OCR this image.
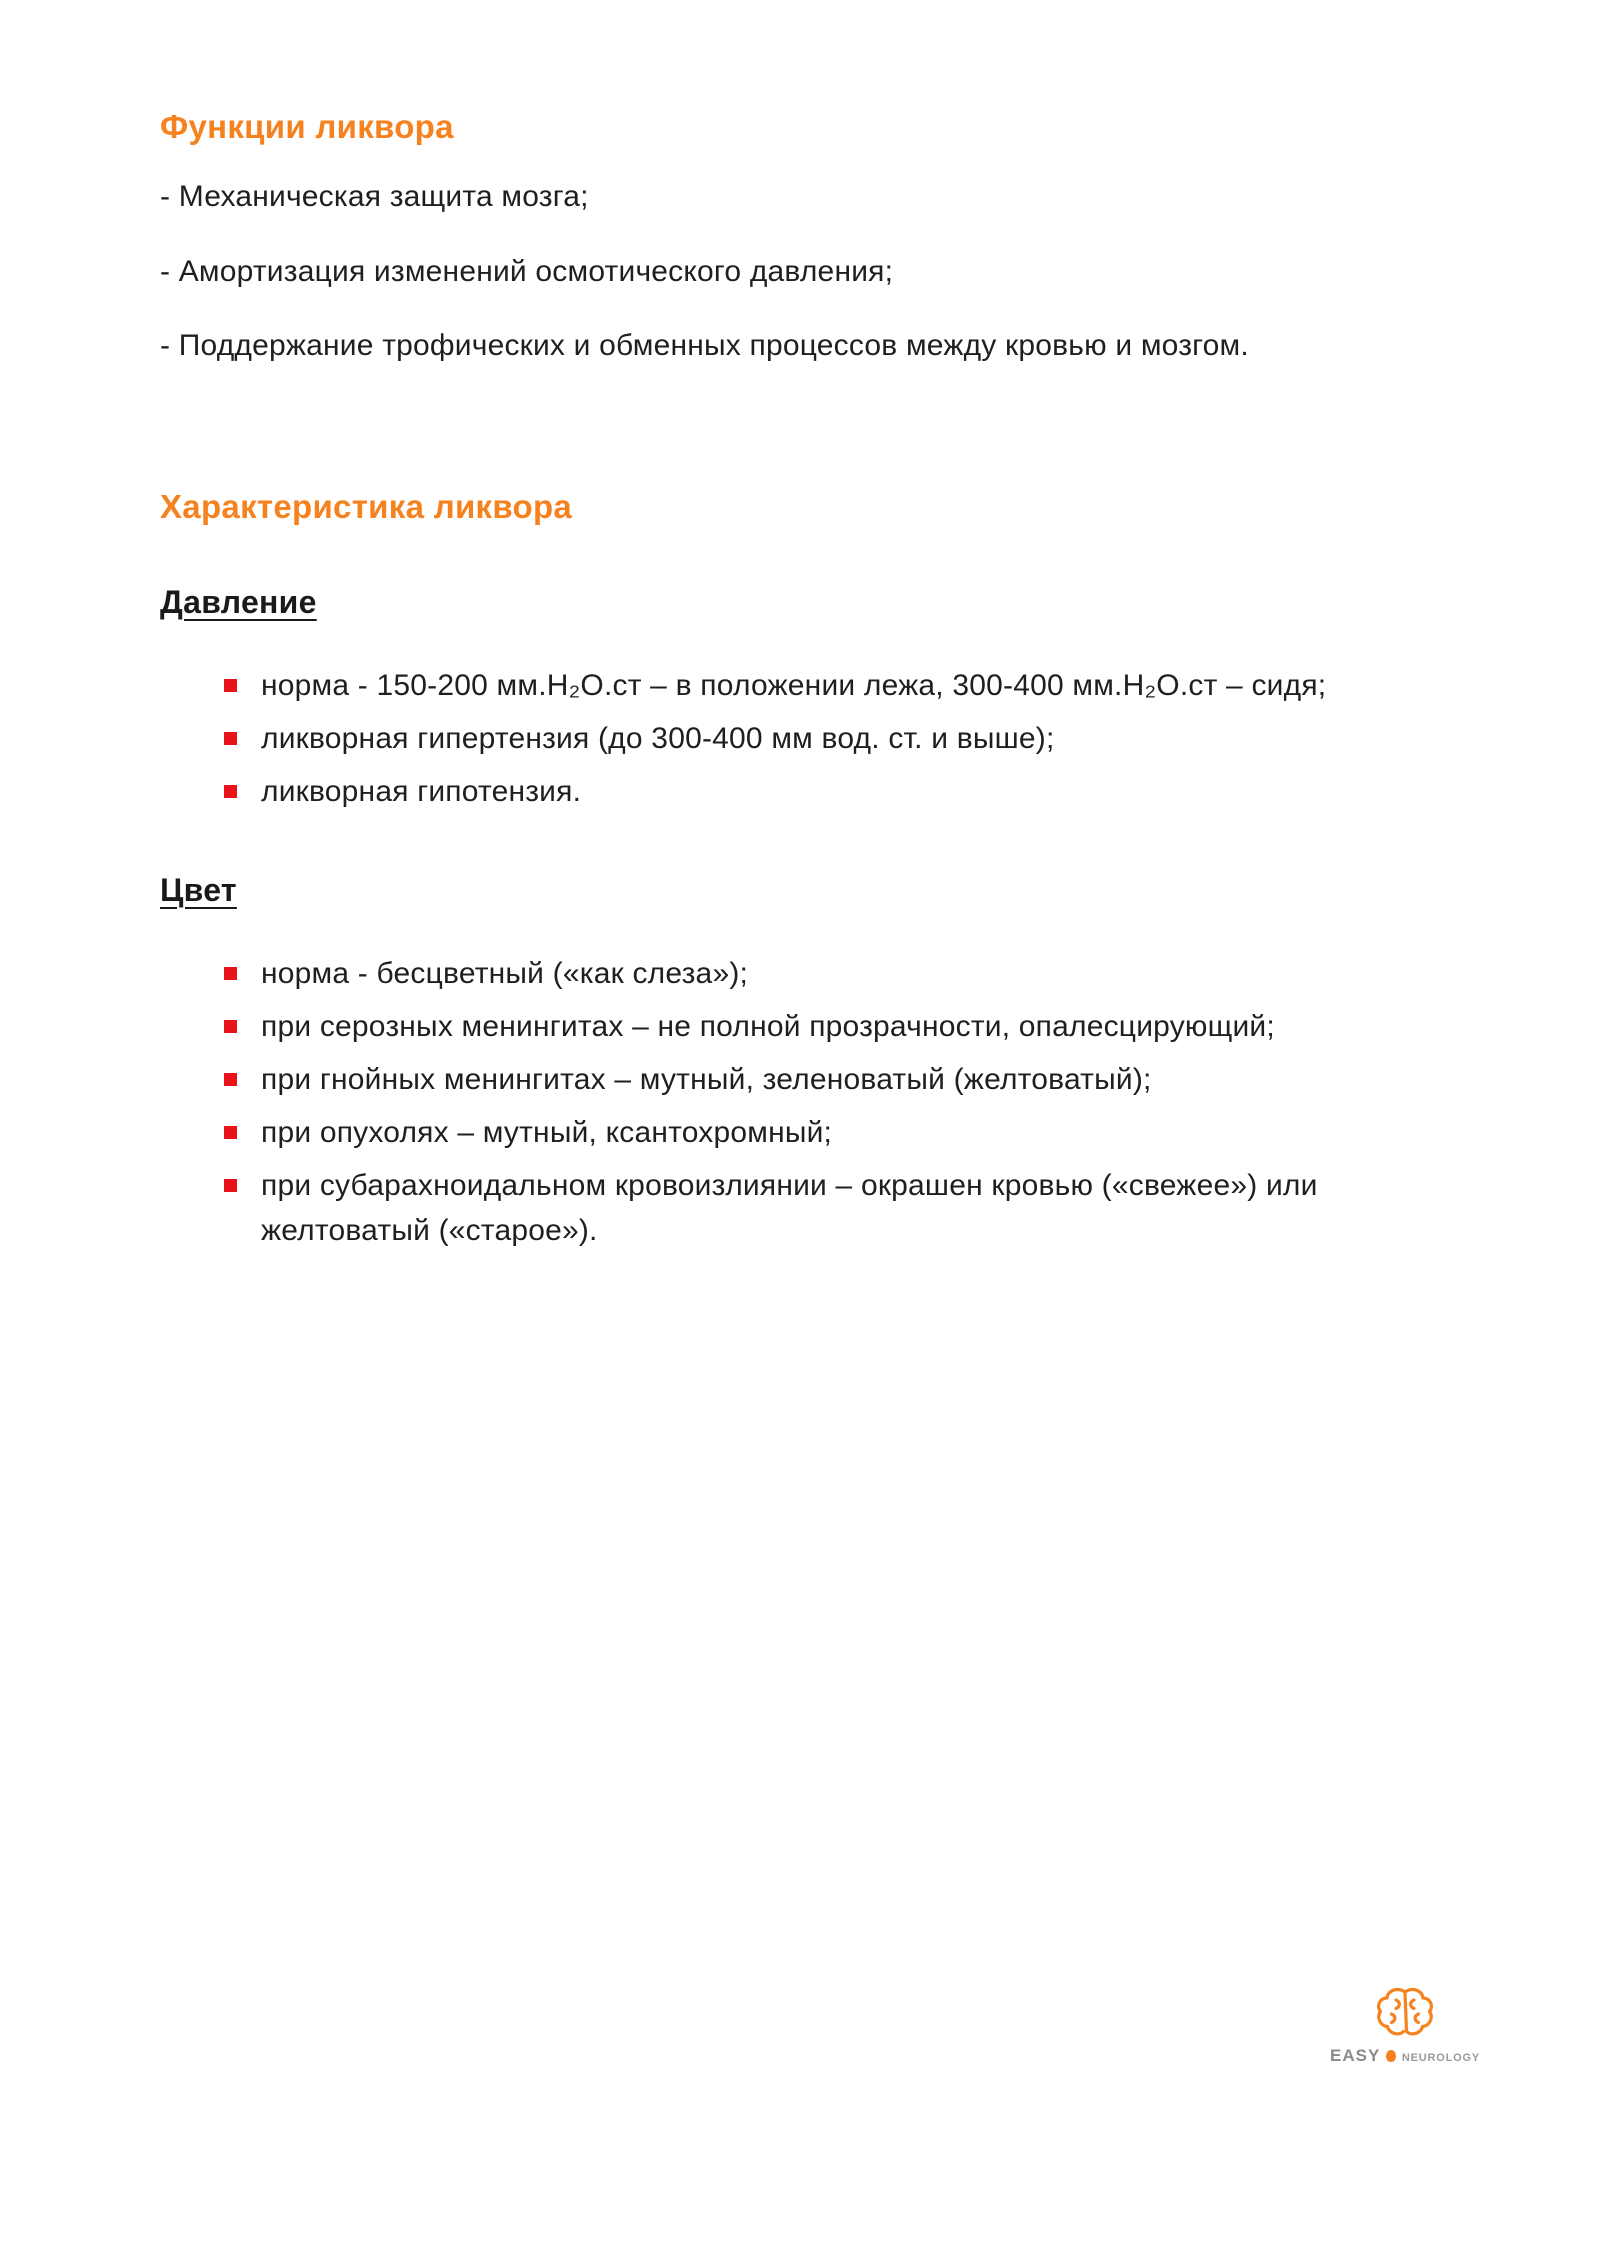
Функции ликвора

- Механическая защита мозга;

- Амортизация изменений осмотического давления;

- Поддержание трофических и обменных процессов между кровью и мозгом.

Характеристика ликвора
Давление
норма - 150-200 мм.H₂O.ст – в положении лежа, 300-400 мм.H₂O.ст – сидя;
ликворная гипертензия (до 300-400 мм вод. ст. и выше);
ликворная гипотензия.
Цвет
норма - бесцветный («как слеза»);
при серозных менингитах – не полной прозрачности, опалесцирующий;
при гнойных менингитах – мутный, зеленоватый (желтоватый);
при опухолях – мутный, ксантохромный;
при субарахноидальном кровоизлиянии – окрашен кровью («свежее») или желтоватый («старое»).
EASY NEUROLOGY
